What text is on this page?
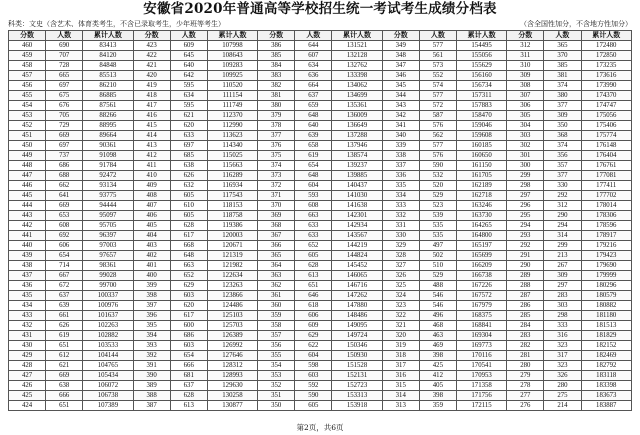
安徽省2020年普通高等学校招生统一考试考生成绩分档表
科类：文史（含艺术、体育类考生，不含已录取考生，少年班等考生）	（含全国性加分，不含地方性加分）
分数	人数	累计人数	分数	人数	累计人数	分数	人数	累计人数	分数	人数	累计人数	分数	人数	累计人数
460	690	83413	423	609	107998	386	644	131521	349	577	154495	312	365	172480
459	707	84120	422	645	108643	385	607	132128	348	561	155056	311	370	172850
458	728	84848	421	640	109283	384	634	132762	347	573	155629	310	385	173235
457	665	85513	420	642	109925	383	636	133398	346	552	156160	309	381	173616
456	697	86210	419	595	110520	382	664	134062	345	574	156734	308	374	173990
455	675	86885	418	634	111154	381	637	134699	344	577	157311	307	380	174370
454	676	87561	417	595	111749	380	659	135361	343	572	157883	306	377	174747
453	705	88266	416	621	112370	379	648	136009	342	587	158470	305	309	175056
452	729	88995	415	620	112990	378	640	136649	341	576	159046	304	350	175406
451	669	89664	414	633	113623	377	639	137288	340	562	159608	303	368	175774
450	697	90361	413	697	114340	376	658	137946	339	577	160185	302	374	176148
449	737	91098	412	685	115025	375	619	138574	338	576	160650	301	356	176404
448	686	91784	411	638	115663	374	654	139237	337	590	161150	300	357	176761
447	688	92472	410	626	116289	373	648	139885	336	532	161705	299	377	177081
446	662	93134	409	632	116934	372	604	140437	335	520	162189	298	330	177411
445	641	93775	408	605	117543	371	593	141030	334	529	162718	297	292	177702
444	669	94444	407	610	118153	370	608	141638	333	523	163246	296	312	178014
443	653	95097	406	605	118758	369	663	142301	332	539	163730	295	290	178306
442	608	95705	405	628	119386	368	633	142934	331	535	164265	294	294	178596
441	692	96397	404	617	120003	367	633	143567	330	535	164800	293	314	178917
440	606	97003	403	668	120671	366	652	144219	329	497	165197	292	299	179216
439	654	97657	402	648	121319	365	605	144824	328	502	165699	291	213	179423
438	714	98361	401	663	121982	364	628	145452	327	510	166209	290	267	179690
437	667	99028	400	652	122634	363	613	146065	326	529	166738	289	309	179999
436	672	99700	399	629	123263	362	651	146716	325	488	167226	288	297	180296
435	637	100337	398	603	123866	361	646	147262	324	546	167572	287	283	180579
434	639	100976	397	620	124486	360	618	147880	323	546	167979	286	303	180882
433	661	101637	396	617	125103	359	606	148486	322	496	168375	285	298	181180
432	626	102263	395	600	125703	358	609	149095	321	468	168841	284	333	181513
431	619	102882	394	686	126389	357	629	149724	320	463	169304	283	316	181829
430	651	103533	393	603	126992	356	622	150346	319	469	169773	282	323	182152
429	612	104144	392	654	127646	355	604	150930	318	398	170116	281	317	182469
428	621	104765	391	666	128312	354	598	151528	317	425	170541	280	323	182792
427	669	105434	390	681	128993	353	603	152131	316	412	170953	279	326	183118
426	638	106072	389	637	129630	352	592	152723	315	405	171358	278	280	183398
425	666	106738	388	628	130258	351	590	153313	314	398	171756	277	275	183673
424	651	107389	387	613	130877	350	605	153918	313	359	172115	276	214	183887
第2页，共6页
